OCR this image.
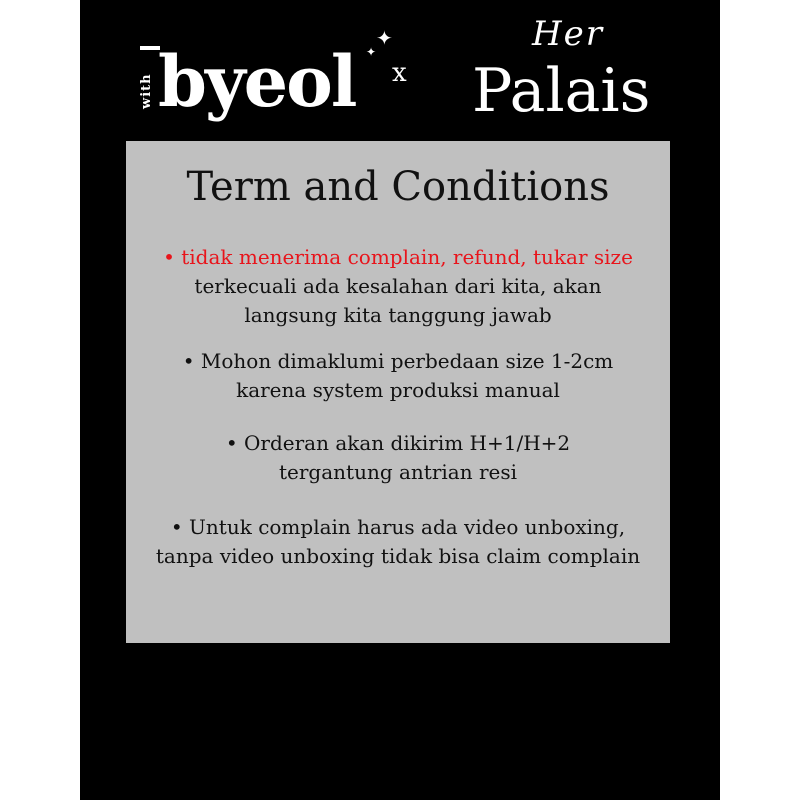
with byeol
✦
✦
x
Her
Palais
Term and Conditions
• tidak menerima complain, refund, tukar size
terkecuali ada kesalahan dari kita, akan
langsung kita tanggung jawab
• Mohon dimaklumi perbedaan size 1-2cm
karena system produksi manual
• Orderan akan dikirim H+1/H+2
tergantung antrian resi
• Untuk complain harus ada video unboxing,
tanpa video unboxing tidak bisa claim complain
